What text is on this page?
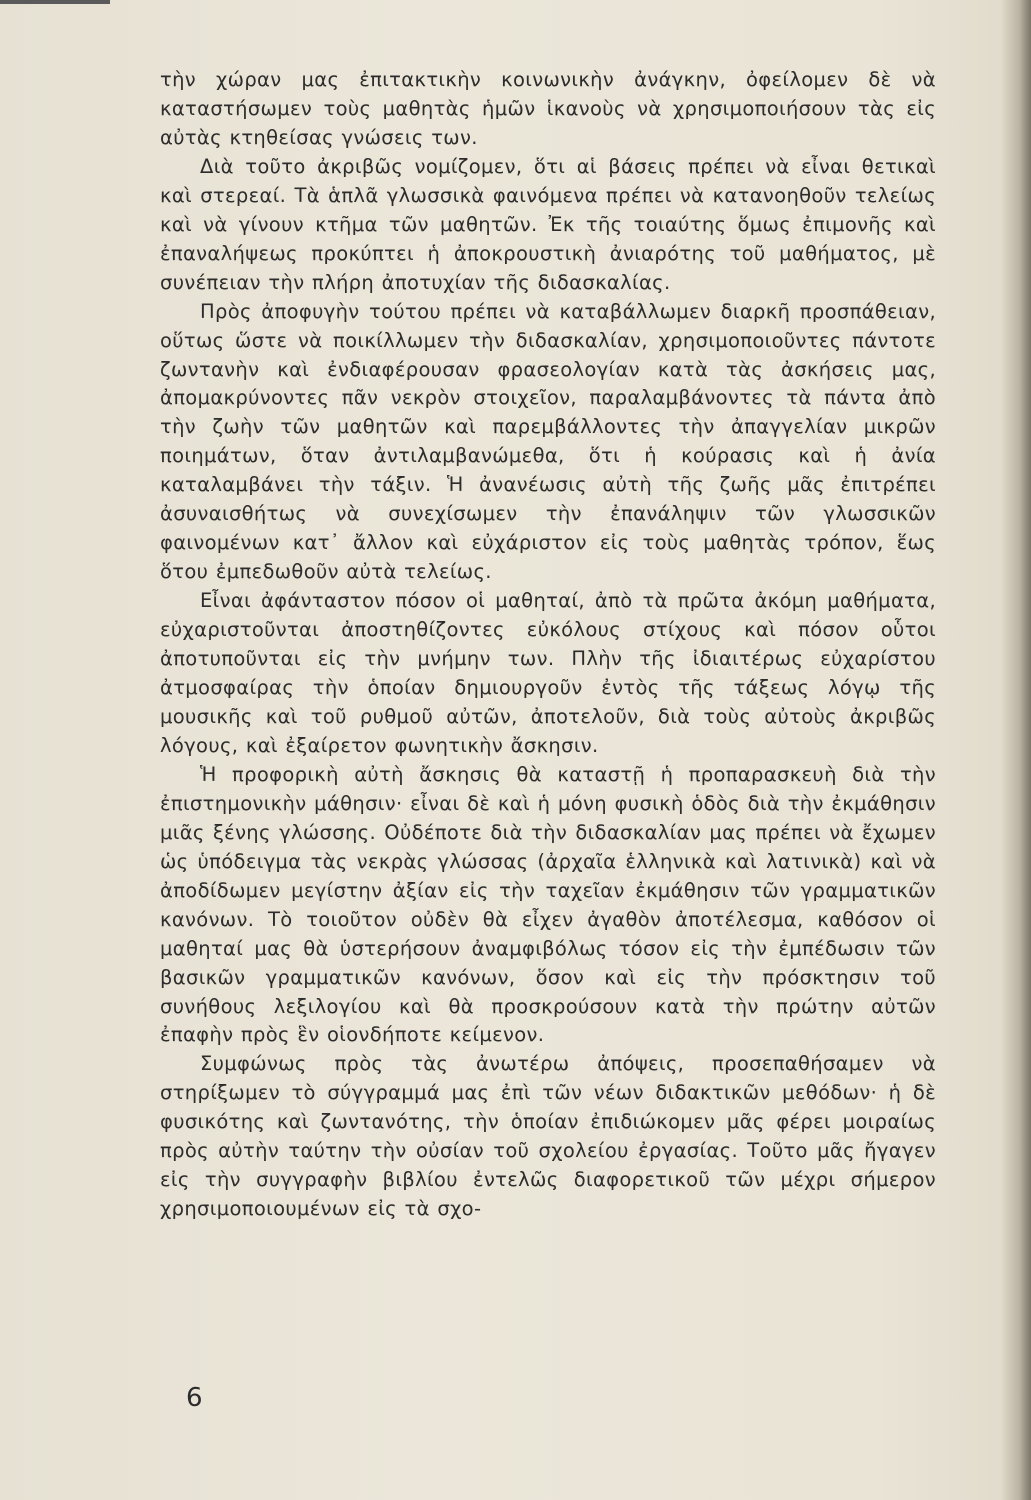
τὴν χώραν μας ἐπιτακτικὴν κοινωνικὴν ἀνάγκην, ὀφείλομεν δὲ νὰ καταστήσωμεν τοὺς μαθητὰς ἡμῶν ἱκανοὺς νὰ χρησιμοποιήσουν τὰς εἰς αὐτὰς κτηθείσας γνώσεις των.

Διὰ τοῦτο ἀκριβῶς νομίζομεν, ὅτι αἱ βάσεις πρέπει νὰ εἶναι θετικαὶ καὶ στερεαί. Τὰ ἁπλᾶ γλωσσικὰ φαινόμενα πρέπει νὰ κατανοηθοῦν τελείως καὶ νὰ γίνουν κτῆμα τῶν μαθητῶν. Ἐκ τῆς τοιαύτης ὅμως ἐπιμονῆς καὶ ἐπαναλήψεως προκύπτει ἡ ἀποκρουστικὴ ἀνιαρότης τοῦ μαθήματος, μὲ συνέπειαν τὴν πλήρη ἀποτυχίαν τῆς διδασκαλίας.

Πρὸς ἀποφυγὴν τούτου πρέπει νὰ καταβάλλωμεν διαρκῆ προσπάθειαν, οὕτως ὥστε νὰ ποικίλλωμεν τὴν διδασκαλίαν, χρησιμοποιοῦντες πάντοτε ζωντανὴν καὶ ἐνδιαφέρουσαν φρασεολογίαν κατὰ τὰς ἀσκήσεις μας, ἀπομακρύνοντες πᾶν νεκρὸν στοιχεῖον, παραλαμβάνοντες τὰ πάντα ἀπὸ τὴν ζωὴν τῶν μαθητῶν καὶ παρεμβάλλοντες τὴν ἀπαγγελίαν μικρῶν ποιημάτων, ὅταν ἀντιλαμβανώμεθα, ὅτι ἡ κούρασις καὶ ἡ ἀνία καταλαμβάνει τὴν τάξιν. Ἡ ἀνανέωσις αὐτὴ τῆς ζωῆς μᾶς ἐπιτρέπει ἀσυναισθήτως νὰ συνεχίσωμεν τὴν ἐπανάληψιν τῶν γλωσσικῶν φαινομένων κατ᾽ ἄλλον καὶ εὐχάριστον εἰς τοὺς μαθητὰς τρόπον, ἕως ὅτου ἐμπεδωθοῦν αὐτὰ τελείως.

Εἶναι ἀφάνταστον πόσον οἱ μαθηταί, ἀπὸ τὰ πρῶτα ἀκόμη μαθήματα, εὐχαριστοῦνται ἀποστηθίζοντες εὐκόλους στίχους καὶ πόσον οὗτοι ἀποτυποῦνται εἰς τὴν μνήμην των. Πλὴν τῆς ἰδιαιτέρως εὐχαρίστου ἀτμοσφαίρας τὴν ὁποίαν δημιουργοῦν ἐντὸς τῆς τάξεως λόγῳ τῆς μουσικῆς καὶ τοῦ ρυθμοῦ αὐτῶν, ἀποτελοῦν, διὰ τοὺς αὐτοὺς ἀκριβῶς λόγους, καὶ ἐξαίρετον φωνητικὴν ἄσκησιν.

Ἡ προφορικὴ αὐτὴ ἄσκησις θὰ καταστῇ ἡ προπαρασκευὴ διὰ τὴν ἐπιστημονικὴν μάθησιν· εἶναι δὲ καὶ ἡ μόνη φυσικὴ ὁδὸς διὰ τὴν ἐκμάθησιν μιᾶς ξένης γλώσσης. Οὐδέποτε διὰ τὴν διδασκαλίαν μας πρέπει νὰ ἔχωμεν ὡς ὑπόδειγμα τὰς νεκρὰς γλώσσας (ἀρχαῖα ἑλληνικὰ καὶ λατινικὰ) καὶ νὰ ἀποδίδωμεν μεγίστην ἀξίαν εἰς τὴν ταχεῖαν ἐκμάθησιν τῶν γραμματικῶν κανόνων. Τὸ τοιοῦτον οὐδὲν θὰ εἶχεν ἀγαθὸν ἀποτέλεσμα, καθόσον οἱ μαθηταί μας θὰ ὑστερήσουν ἀναμφιβόλως τόσον εἰς τὴν ἐμπέδωσιν τῶν βασικῶν γραμματικῶν κανόνων, ὅσον καὶ εἰς τὴν πρόσκτησιν τοῦ συνήθους λεξιλογίου καὶ θὰ προσκρούσουν κατὰ τὴν πρώτην αὐτῶν ἐπαφὴν πρὸς ἓν οἱονδήποτε κείμενον.

Συμφώνως πρὸς τὰς ἀνωτέρω ἀπόψεις, προσεπαθήσαμεν νὰ στηρίξωμεν τὸ σύγγραμμά μας ἐπὶ τῶν νέων διδακτικῶν μεθόδων· ἡ δὲ φυσικότης καὶ ζωντανότης, τὴν ὁποίαν ἐπιδιώκομεν μᾶς φέρει μοιραίως πρὸς αὐτὴν ταύτην τὴν οὐσίαν τοῦ σχολείου ἐργασίας. Τοῦτο μᾶς ἤγαγεν εἰς τὴν συγγραφὴν βιβλίου ἐντελῶς διαφορετικοῦ τῶν μέχρι σήμερον χρησιμοποιουμένων εἰς τὰ σχο-

6
